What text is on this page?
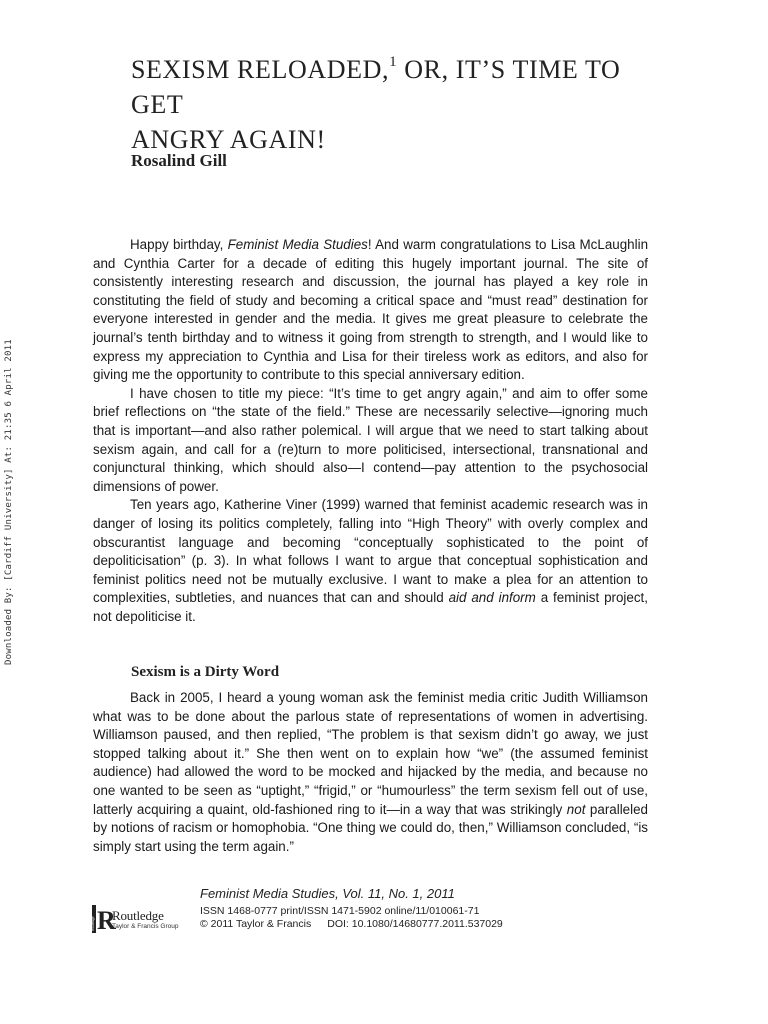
Downloaded By: [Cardiff University] At: 21:35 6 April 2011
SEXISM RELOADED,$^1$ OR, IT’S TIME TO GET
ANGRY AGAIN!
Rosalind Gill

Happy birthday, Feminist Media Studies! And warm congratulations to Lisa McLaughlin and Cynthia Carter for a decade of editing this hugely important journal. The site of consistently interesting research and discussion, the journal has played a key role in constituting the field of study and becoming a critical space and “must read” destination for everyone interested in gender and the media. It gives me great pleasure to celebrate the journal’s tenth birthday and to witness it going from strength to strength, and I would like to express my appreciation to Cynthia and Lisa for their tireless work as editors, and also for giving me the opportunity to contribute to this special anniversary edition.

I have chosen to title my piece: “It’s time to get angry again,” and aim to offer some brief reflections on “the state of the field.” These are necessarily selective—ignoring much that is important—and also rather polemical. I will argue that we need to start talking about sexism again, and call for a (re)turn to more politicised, intersectional, transnational and conjunctural thinking, which should also—I contend—pay attention to the psychosocial dimensions of power.

Ten years ago, Katherine Viner (1999) warned that feminist academic research was in danger of losing its politics completely, falling into “High Theory” with overly complex and obscurantist language and becoming “conceptually sophisticated to the point of depoliticisation” (p. 3). In what follows I want to argue that conceptual sophistication and feminist politics need not be mutually exclusive. I want to make a plea for an attention to complexities, subtleties, and nuances that can and should aid and inform a feminist project, not depoliticise it.

Sexism is a Dirty Word

Back in 2005, I heard a young woman ask the feminist media critic Judith Williamson what was to be done about the parlous state of representations of women in advertising. Williamson paused, and then replied, “The problem is that sexism didn’t go away, we just stopped talking about it.” She then went on to explain how “we” (the assumed feminist audience) had allowed the word to be mocked and hijacked by the media, and because no one wanted to be seen as “uptight,” “frigid,” or “humourless” the term sexism fell out of use, latterly acquiring a quaint, old-fashioned ring to it—in a way that was strikingly not paralleled by notions of racism or homophobia. “One thing we could do, then,” Williamson concluded, “is simply start using the term again.”

Routledge R
Routledge
Taylor & Francis Group
Feminist Media Studies, Vol. 11, No. 1, 2011
ISSN 1468-0777 print/ISSN 1471-5902 online/11/010061-71
© 2011 Taylor & Francis DOI: 10.1080/14680777.2011.537029
